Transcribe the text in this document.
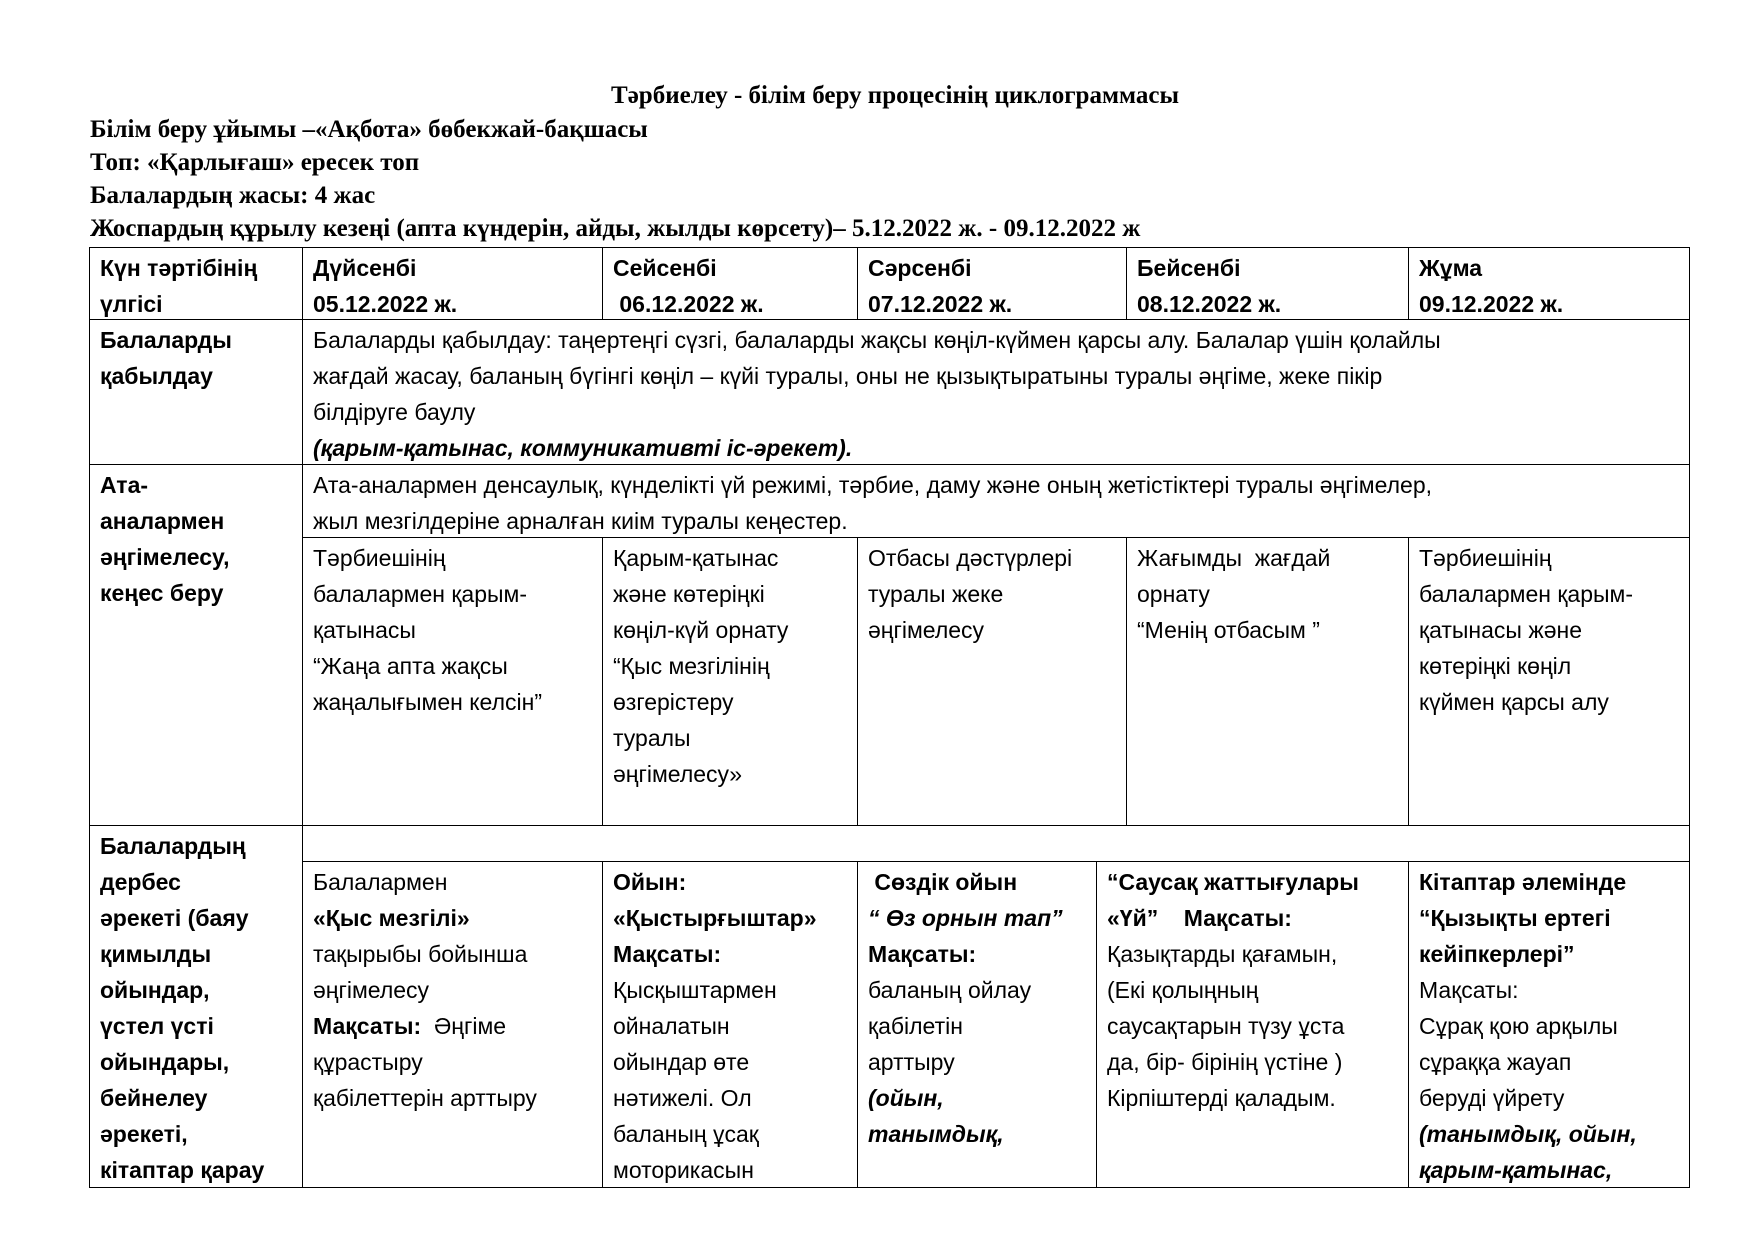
Тәрбиелеу - білім беру процесінің циклограммасы
Білім беру ұйымы –«Ақбота» бөбекжай-бақшасы
Топ: «Қарлығаш» ересек топ
Балалардың жасы: 4 жас
Жоспардың құрылу кезеңі (апта күндерін, айды, жылды көрсету)– 5.12.2022 ж. - 09.12.2022 ж
Күн тәртібінің
үлгісі
Дүйсенбі
05.12.2022 ж.
Сейсенбі
06.12.2022 ж.
Сәрсенбі
07.12.2022 ж.
Бейсенбі
08.12.2022 ж.
Жұма
09.12.2022 ж.
Балаларды
қабылдау
Балаларды қабылдау: таңертеңгі сүзгі, балаларды жақсы көңіл-күймен қарсы алу. Балалар үшін қолайлы
жағдай жасау, баланың бүгінгі көңіл – күйі туралы, оны не қызықтыратыны туралы әңгіме, жеке пікір
білдіруге баулу
(қарым-қатынас, коммуникативті іс-әрекет).
Ата-
аналармен
әңгімелесу,
кеңес беру
Ата-аналармен денсаулық, күнделікті үй режимі, тәрбие, даму және оның жетістіктері туралы әңгімелер,
жыл мезгілдеріне арналған киім туралы кеңестер.
Тәрбиешінің
балалармен қарым-
қатынасы
“Жаңа апта жақсы
жаңалығымен келсін”
Қарым-қатынас
және көтеріңкі
көңіл-күй орнату
“Қыс мезгілінің
өзгерістеру
туралы
әңгімелесу»
Отбасы дәстүрлері
туралы жеке
әңгімелесу
Жағымды  жағдай
орнату
“Менің отбасым ”
Тәрбиешінің
балалармен қарым-
қатынасы және
көтеріңкі көңіл
күймен қарсы алу
Балалардың
дербес
әрекеті (баяу
қимылды
ойындар,
үстел үсті
ойындары,
бейнелеу
әрекеті,
кітаптар қарау
Балалармен
«Қыс мезгілі»
тақырыбы бойынша
әңгімелесу
Мақсаты:  Әңгіме
құрастыру
қабілеттерін арттыру
Ойын:
«Қыстырғыштар»
Мақсаты:
Қысқыштармен
ойналатын
ойындар өте
нәтижелі. Ол
баланың ұсақ
моторикасын
Сөздік ойын
“ Өз орнын тап”
Мақсаты:
баланың ойлау
қабілетін
арттыру
(ойын,
танымдық,
“Саусақ жаттығулары
«Үй”    Мақсаты:
Қазықтарды қағамын,
(Екі қолыңның
саусақтарын түзу ұста
да, бір- бірінің үстіне )
Кірпіштерді қаладым.
Кітаптар әлемінде
“Қызықты ертегі
кейіпкерлері”
Мақсаты:
Сұрақ қою арқылы
сұраққа жауап
беруді үйрету
(танымдық, ойын,
қарым-қатынас,
